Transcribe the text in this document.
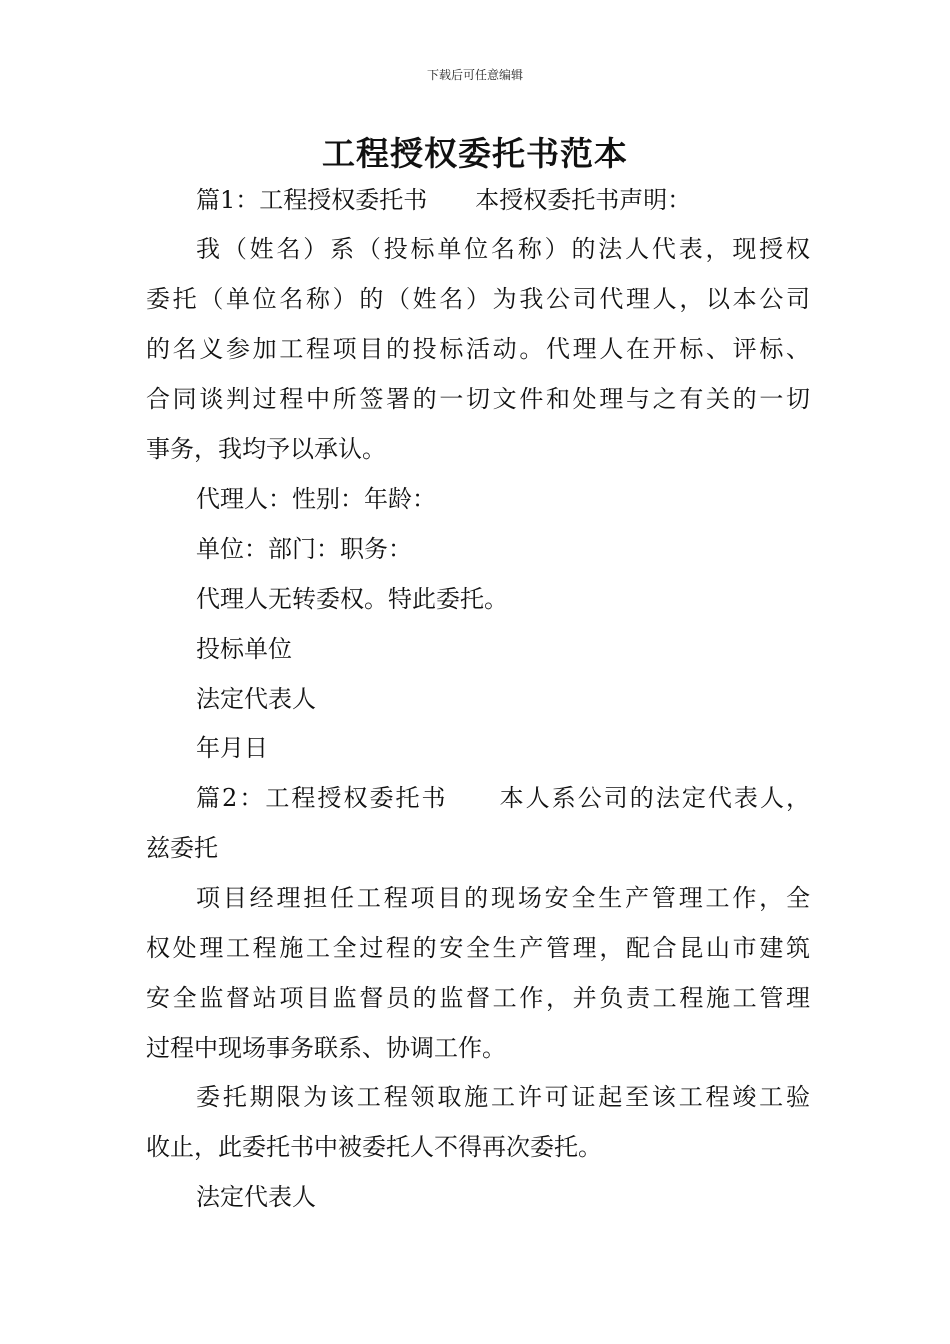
下载后可任意编辑
工程授权委托书范本

篇1：工程授权委托书　　本授权委托书声明：

我（姓名）系（投标单位名称）的法人代表，现授权

委托（单位名称）的（姓名）为我公司代理人，以本公司

的名义参加工程项目的投标活动。代理人在开标、评标、

合同谈判过程中所签署的一切文件和处理与之有关的一切

事务，我均予以承认。

代理人：性别：年龄：

单位：部门：职务：

代理人无转委权。特此委托。

投标单位

法定代表人

年月日

篇2：工程授权委托书　　本人系公司的法定代表人，

兹委托

项目经理担任工程项目的现场安全生产管理工作，全

权处理工程施工全过程的安全生产管理，配合昆山市建筑

安全监督站项目监督员的监督工作，并负责工程施工管理

过程中现场事务联系、协调工作。

委托期限为该工程领取施工许可证起至该工程竣工验

收止，此委托书中被委托人不得再次委托。

法定代表人
